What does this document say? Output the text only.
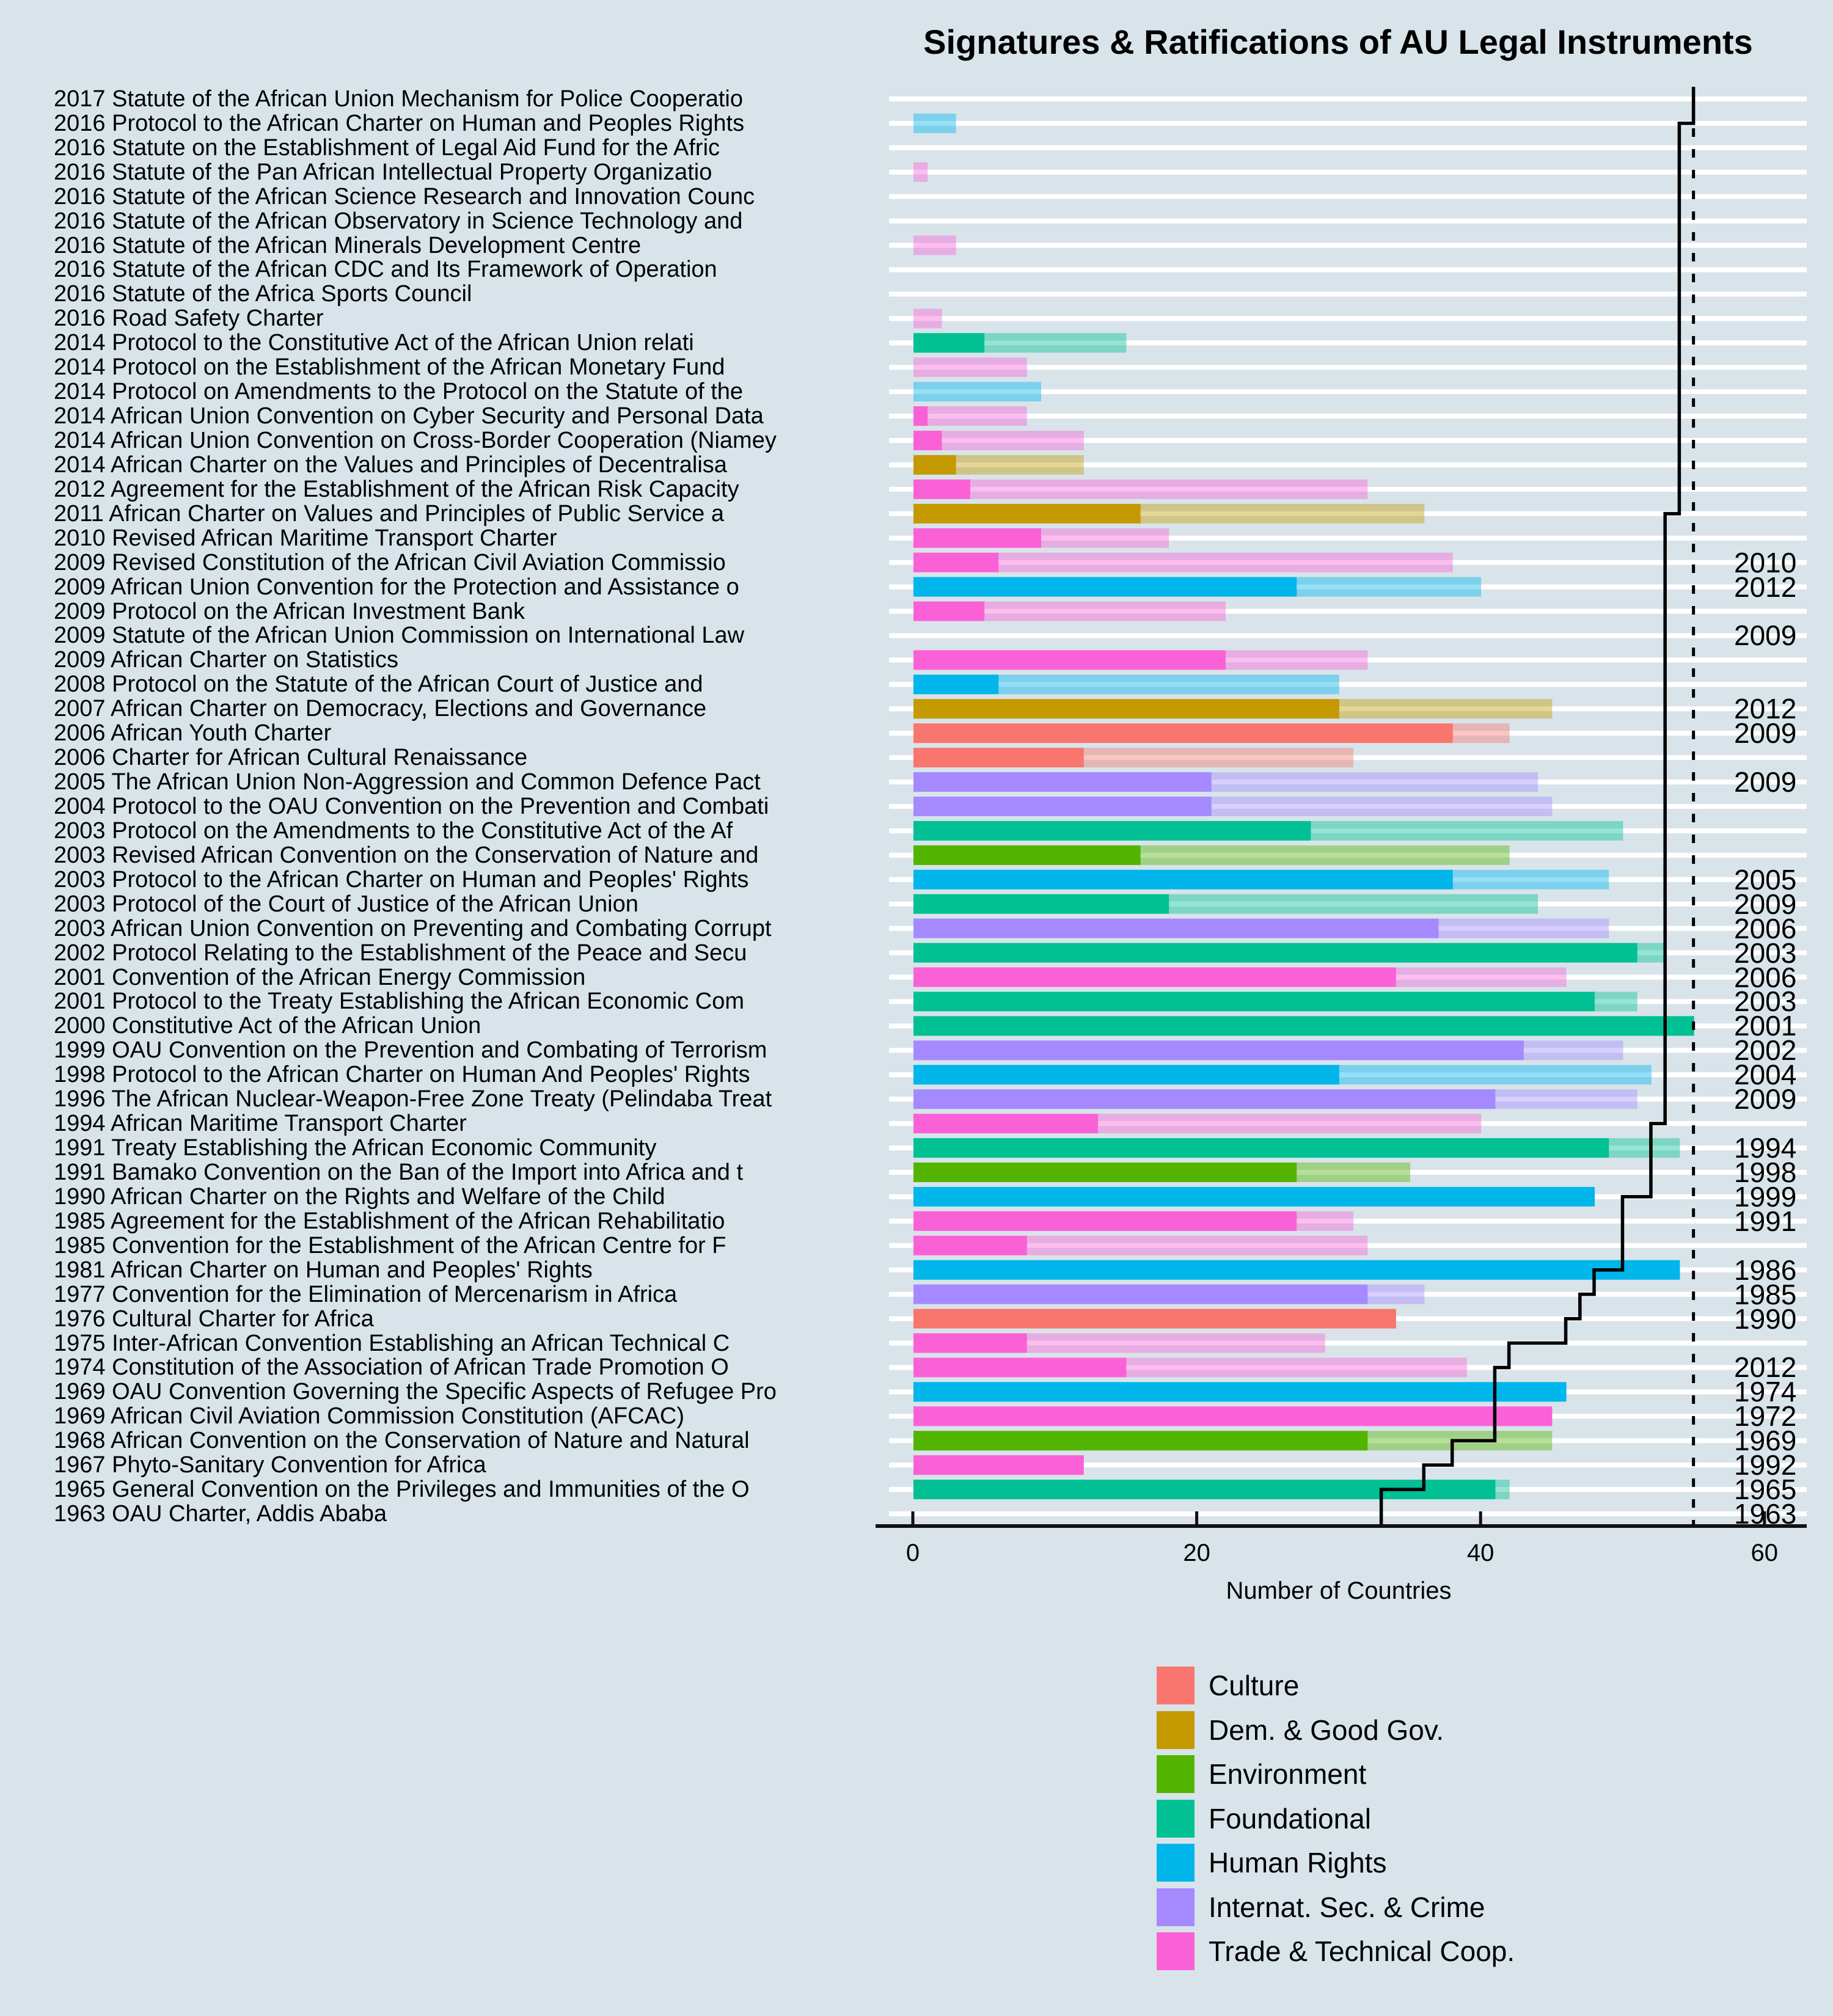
Signatures & Ratifications of AU Legal Instruments
2017 Statute of the African Union Mechanism for Police Cooperatio
2016 Protocol to the African Charter on Human and Peoples Rights
2016 Statute on the Establishment of Legal Aid Fund for the Afric
2016 Statute of the Pan African Intellectual Property Organizatio
2016 Statute of the African Science Research and Innovation Counc
2016 Statute of the African Observatory in Science Technology and
2016 Statute of the African Minerals Development Centre
2016 Statute of the African CDC and Its Framework of Operation
2016 Statute of the Africa Sports Council
2016 Road Safety Charter
2014 Protocol to the Constitutive Act of the African Union relati
2014 Protocol on the Establishment of the African Monetary Fund
2014 Protocol on Amendments to the Protocol on the Statute of the
2014 African Union Convention on Cyber Security and Personal Data
2014 African Union Convention on Cross-Border Cooperation (Niamey
2014 African Charter on the Values and Principles of Decentralisa
2012 Agreement for the Establishment of the African Risk Capacity
2011 African Charter on Values and Principles of Public Service a
2010 Revised African Maritime Transport Charter
2009 Revised Constitution of the African Civil Aviation Commissio
2009 African Union Convention for the Protection and Assistance o
2009 Protocol on the African Investment Bank
2009 Statute of the African Union Commission on International Law
2009 African Charter on Statistics
2008 Protocol on the Statute of the African Court of Justice and
2007 African Charter on Democracy, Elections and Governance
2006 African Youth Charter
2006 Charter for African Cultural Renaissance
2005 The African Union Non-Aggression and Common Defence Pact
2004 Protocol to the OAU Convention on the Prevention and Combati
2003 Protocol on the Amendments to the Constitutive Act of the Af
2003 Revised African Convention on the Conservation of Nature and
2003 Protocol to the African Charter on Human and Peoples' Rights
2003 Protocol of the Court of Justice of the African Union
2003 African Union Convention on Preventing and Combating Corrupt
2002 Protocol Relating to the Establishment of the Peace and Secu
2001 Convention of the African Energy Commission
2001 Protocol to the Treaty Establishing the African Economic Com
2000 Constitutive Act of the African Union
1999 OAU Convention on the Prevention and Combating of Terrorism
1998 Protocol to the African Charter on Human And Peoples' Rights
1996 The African Nuclear-Weapon-Free Zone Treaty (Pelindaba Treat
1994 African Maritime Transport Charter
1991 Treaty Establishing the African Economic Community
1991 Bamako Convention on the Ban of the Import into Africa and t
1990 African Charter on the Rights and Welfare of the Child
1985 Agreement for the Establishment of the African Rehabilitatio
1985 Convention for the Establishment of the African Centre for F
1981 African Charter on Human and Peoples' Rights
1977 Convention for the Elimination of Mercenarism in Africa
1976 Cultural Charter for Africa
1975 Inter-African Convention Establishing an African Technical C
1974 Constitution of the Association of African Trade Promotion O
1969 OAU Convention Governing the Specific Aspects of Refugee Pro
1969 African Civil Aviation Commission Constitution (AFCAC)
1968 African Convention on the Conservation of Nature and Natural
1967 Phyto-Sanitary Convention for Africa
1965 General Convention on the Privileges and Immunities of the O
1963 OAU Charter, Addis Ababa
2010
2012
2009
2012
2009
2009
2005
2009
2006
2003
2006
2003
2001
2002
2004
2009
1994
1998
1999
1991
1986
1985
1990
2012
1974
1972
1969
1992
1965
1963
0	20	40	60
Number of Countries
Culture
Dem. & Good Gov.
Environment
Foundational
Human Rights
Internat. Sec. & Crime
Trade & Technical Coop.
